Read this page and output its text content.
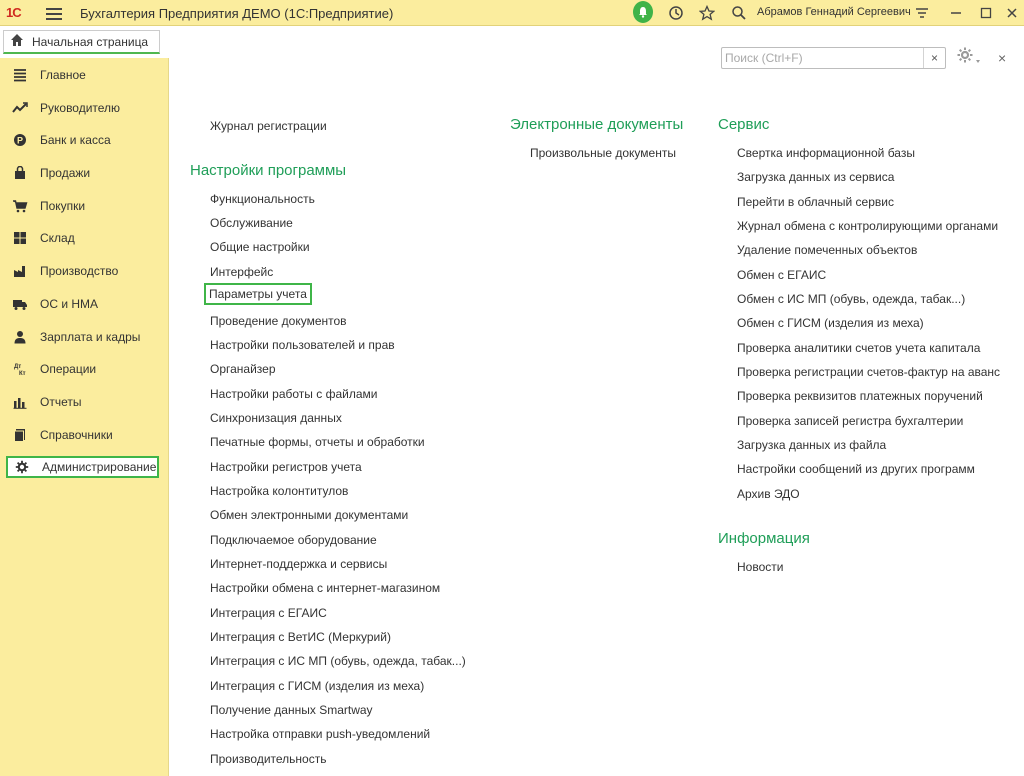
1С	Бухгалтерия Предприятия ДЕМО (1С:Предприятие)	Абрамов Геннадий Сергеевич
Начальная страница
Главное
Руководителю
Р Банк и касса
Продажи
Покупки
Склад
Производство
ОС и НМА
Зарплата и кадры
Дт
Кт Операции
Отчеты
Справочники
Администрирование
Поиск (Ctrl+F)
×	×
Журнал регистрации
Настройки программы
Функциональность
Обслуживание
Общие настройки
Интерфейс
Параметры учета
Проведение документов
Настройки пользователей и прав
Органайзер
Настройки работы с файлами
Синхронизация данных
Печатные формы, отчеты и обработки
Настройки регистров учета
Настройка колонтитулов
Обмен электронными документами
Подключаемое оборудование
Интернет-поддержка и сервисы
Настройки обмена с интернет-магазином
Интеграция с ЕГАИС
Интеграция с ВетИС (Меркурий)
Интеграция с ИС МП (обувь, одежда, табак...)
Интеграция с ГИСМ (изделия из меха)
Получение данных Smartway
Настройка отправки push-уведомлений
Производительность
Электронные документы
Произвольные документы
Сервис
Свертка информационной базы
Загрузка данных из сервиса
Перейти в облачный сервис
Журнал обмена с контролирующими органами
Удаление помеченных объектов
Обмен с ЕГАИС
Обмен с ИС МП (обувь, одежда, табак...)
Обмен с ГИСМ (изделия из меха)
Проверка аналитики счетов учета капитала
Проверка регистрации счетов-фактур на аванс
Проверка реквизитов платежных поручений
Проверка записей регистра бухгалтерии
Загрузка данных из файла
Настройки сообщений из других программ
Архив ЭДО
Информация
Новости
